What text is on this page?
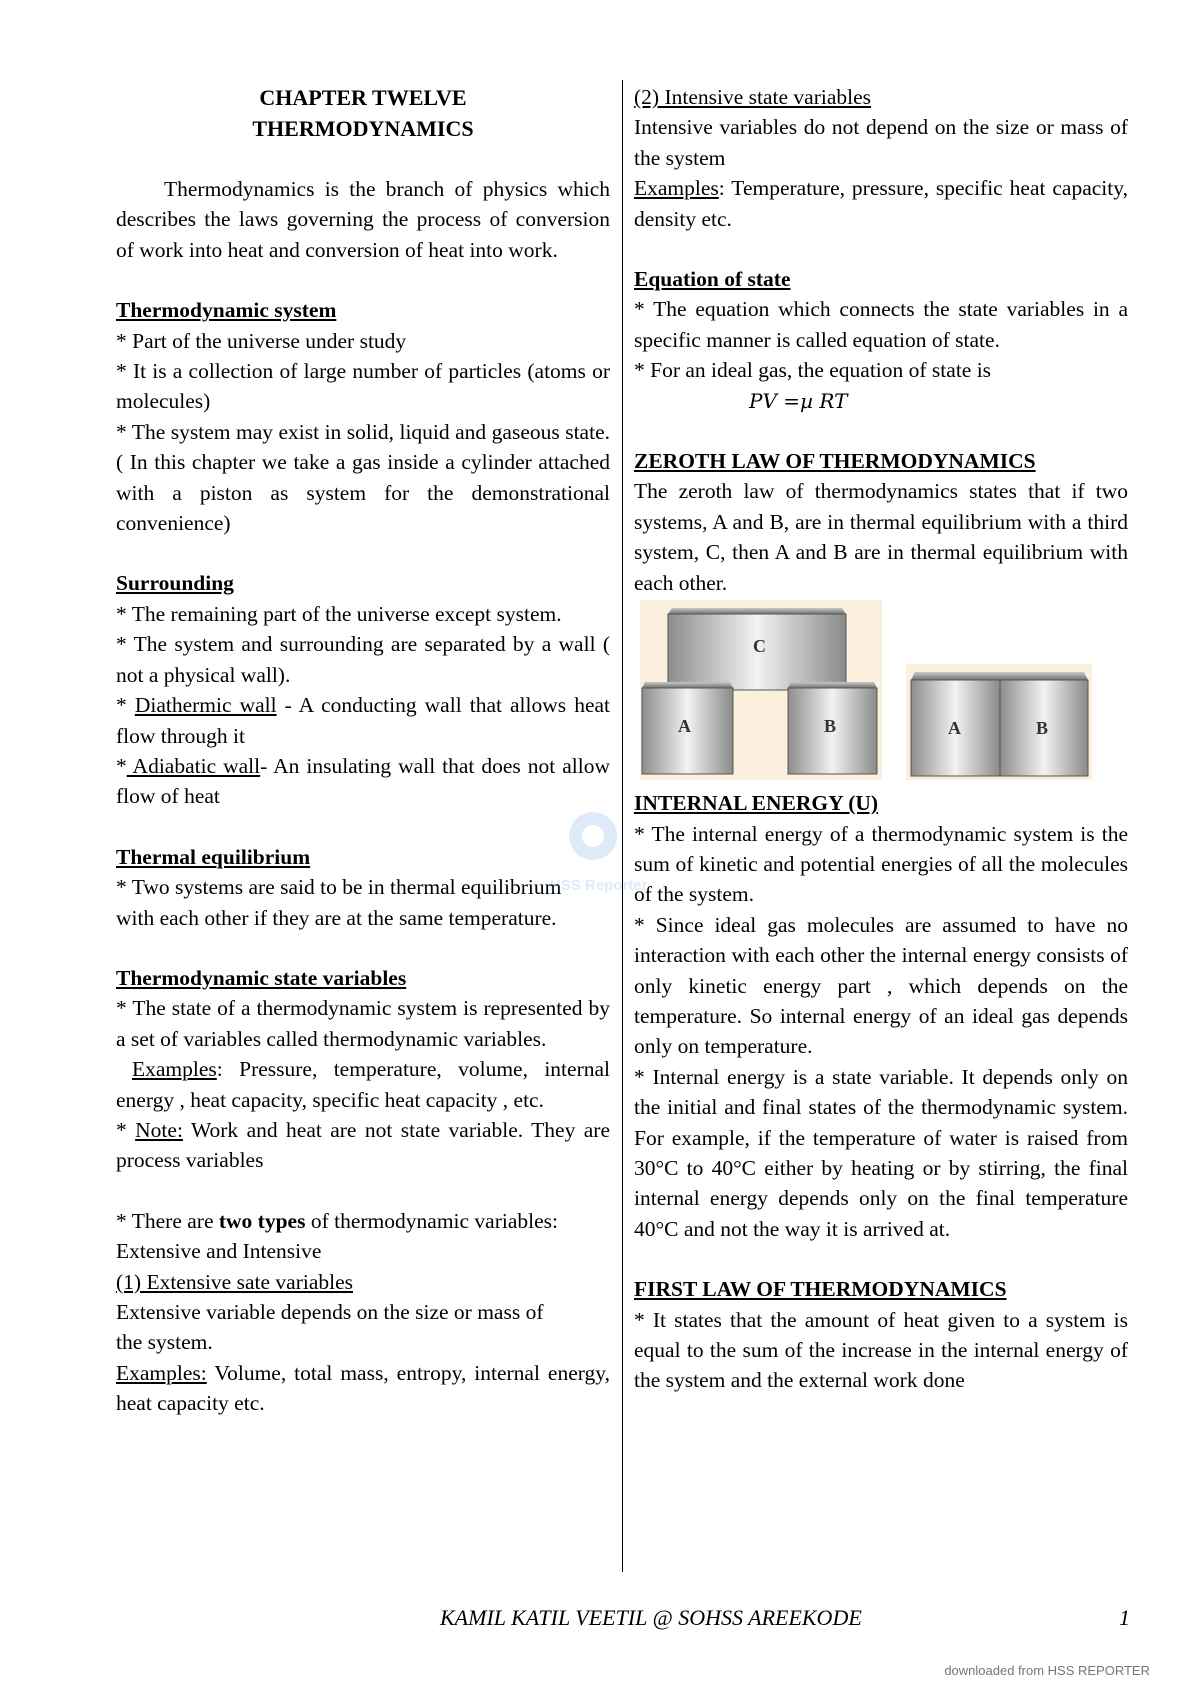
CHAPTER TWELVE

THERMODYNAMICS

Thermodynamics is the branch of physics which describes the laws governing the process of conversion of work into heat and conversion of heat into work.

Thermodynamic system

* Part of the universe under study

* It is a collection of large number of particles (atoms or molecules)

* The system may exist in solid, liquid and gaseous state. ( In this chapter we take a gas inside a cylinder attached with a piston as system for the demonstrational convenience)

Surrounding

* The remaining part of the universe except system.

* The system and surrounding are separated by a wall ( not a physical wall).

* Diathermic wall - A conducting wall that allows heat flow through it

* Adiabatic wall- An insulating wall that does not allow flow of heat

Thermal equilibrium

* Two systems are said to be in thermal equilibrium with each other if they are at the same temperature.

Thermodynamic state variables

* The state of a thermodynamic system is represented by a set of variables called thermodynamic variables.

Examples: Pressure, temperature, volume, internal energy , heat capacity, specific heat capacity , etc.

* Note: Work and heat are not state variable. They are process variables

* There are two types of thermodynamic variables: Extensive and Intensive

(1) Extensive sate variables

Extensive variable depends on the size or mass of the system.

Examples: Volume, total mass, entropy, internal energy, heat capacity etc.

(2) Intensive state variables

Intensive variables do not depend on the size or mass of the system

Examples: Temperature, pressure, specific heat capacity, density etc.

Equation of state

* The equation which connects the state variables in a specific manner is called equation of state.

* For an ideal gas, the equation of state is

PV =µ RT

ZEROTH LAW OF THERMODYNAMICS

The zeroth law of thermodynamics states that if two systems, A and B, are in thermal equilibrium with a third system, C, then A and B are in thermal equilibrium with each other.

C
A	B	A	B

INTERNAL ENERGY (U)

* The internal energy of a thermodynamic system is the sum of kinetic and potential energies of all the molecules of the system.

* Since ideal gas molecules are assumed to have no interaction with each other the internal energy consists of only kinetic energy part , which depends on the temperature. So internal energy of an ideal gas depends only on temperature.

* Internal energy is a state variable. It depends only on the initial and final states of the thermodynamic system. For example, if the temperature of water is raised from 30°C to 40°C either by heating or by stirring, the final internal energy depends only on the final temperature 40°C and not the way it is arrived at.

FIRST LAW OF THERMODYNAMICS

* It states that the amount of heat given to a system is equal to the sum of the increase in the internal energy of the system and the external work done

HSS Reporter
KAMIL KATIL VEETIL @ SOHSS AREEKODE	1
downloaded from HSS REPORTER
